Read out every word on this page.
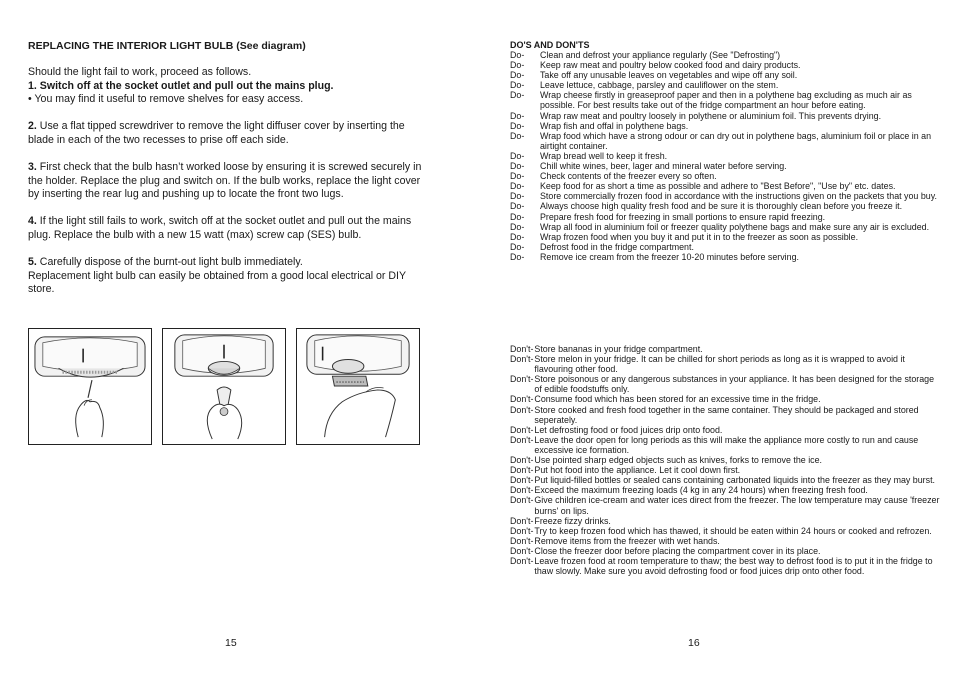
REPLACING THE INTERIOR LIGHT BULB (See diagram)

Should the light fail to work, proceed as follows.
1. Switch off at the socket outlet and pull out the mains plug.
• You may find it useful to remove shelves for easy access.

2. Use a flat tipped screwdriver to remove the light diffuser cover by inserting the blade in each of the two recesses to prise off each side.

3. First check that the bulb hasn’t worked loose by ensuring it is screwed securely in the holder. Replace the plug and switch on. If the bulb works, replace the light cover by inserting the rear lug and pushing up to locate the front two lugs.

4. If the light still fails to work, switch off at the socket outlet and pull out the mains plug. Replace the bulb with a new 15 watt (max) screw cap (SES) bulb.

5. Carefully dispose of the burnt-out light bulb immediately.
Replacement light bulb can easily be obtained from a good local electrical or DIY store.

15
DO'S AND DON'TS
Do-	Clean and defrost your appliance regularly (See "Defrosting")
Do-	Keep raw meat and poultry below cooked food and dairy products.
Do-	Take off any unusable leaves on vegetables and wipe off any soil.
Do-	Leave lettuce, cabbage, parsley and cauliflower on the stem.
Do-	Wrap cheese firstly in greaseproof paper and then in a polythene bag excluding as much air as possible. For best results take out of the fridge compartment an hour before eating.
Do-	Wrap raw meat and poultry loosely in polythene or aluminium foil. This prevents drying.
Do-	Wrap fish and offal in polythene bags.
Do-	Wrap food which have a strong odour or can dry out in polythene bags, aluminium foil or place in an airtight container.
Do-	Wrap bread well to keep it fresh.
Do-	Chill white wines, beer, lager and mineral water before serving.
Do-	Check contents of the freezer every so often.
Do-	Keep food for as short a time as possible and adhere to "Best Before", "Use by" etc. dates.
Do-	Store commercially frozen food in accordance with the instructions given on the packets that you buy.
Do-	Always choose high quality fresh food and be sure it is thoroughly clean before you freeze it.
Do-	Prepare fresh food for freezing in small portions to ensure rapid freezing.
Do-	Wrap all food in aluminium foil or freezer quality polythene bags and make sure any air is excluded.
Do-	Wrap frozen food when you buy it and put it in to the freezer as soon as possible.
Do-	Defrost food in the fridge compartment.
Do-	Remove ice cream from the freezer 10-20 minutes before serving.
Don't- Store bananas in your fridge compartment.
Don't- Store melon in your fridge. It can be chilled for short periods as long as it is wrapped to avoid it flavouring other food.
Don't- Store poisonous or any dangerous substances in your appliance. It has been designed for the storage of edible foodstuffs only.
Don't- Consume food which has been stored for an excessive time in the fridge.
Don't- Store cooked and fresh food together in the same container. They should be packaged and stored seperately.
Don't- Let defrosting food or food juices drip onto food.
Don't- Leave the door open for long periods as this will make the appliance more costly to run and cause excessive ice formation.
Don't- Use pointed sharp edged objects such as knives, forks to remove the ice.
Don't- Put hot food into the appliance. Let it cool down first.
Don't- Put liquid-filled bottles or sealed cans containing carbonated liquids into the freezer as they may burst.
Don't- Exceed the maximum freezing loads (4 kg in any 24 hours) when freezing fresh food.
Don't- Give children ice-cream and water ices direct from the freezer. The low temperature may cause 'freezer burns' on lips.
Don't- Freeze fizzy drinks.
Don't- Try to keep frozen food which has thawed, it should be eaten within 24 hours or cooked and refrozen.
Don't- Remove items from the freezer with wet hands.
Don't- Close the freezer door before placing the compartment cover in its place.
Don't- Leave frozen food at room temperature to thaw; the best way to defrost food is to put it in the fridge to thaw slowly. Make sure you avoid defrosting food or food juices drip onto other food.
16
